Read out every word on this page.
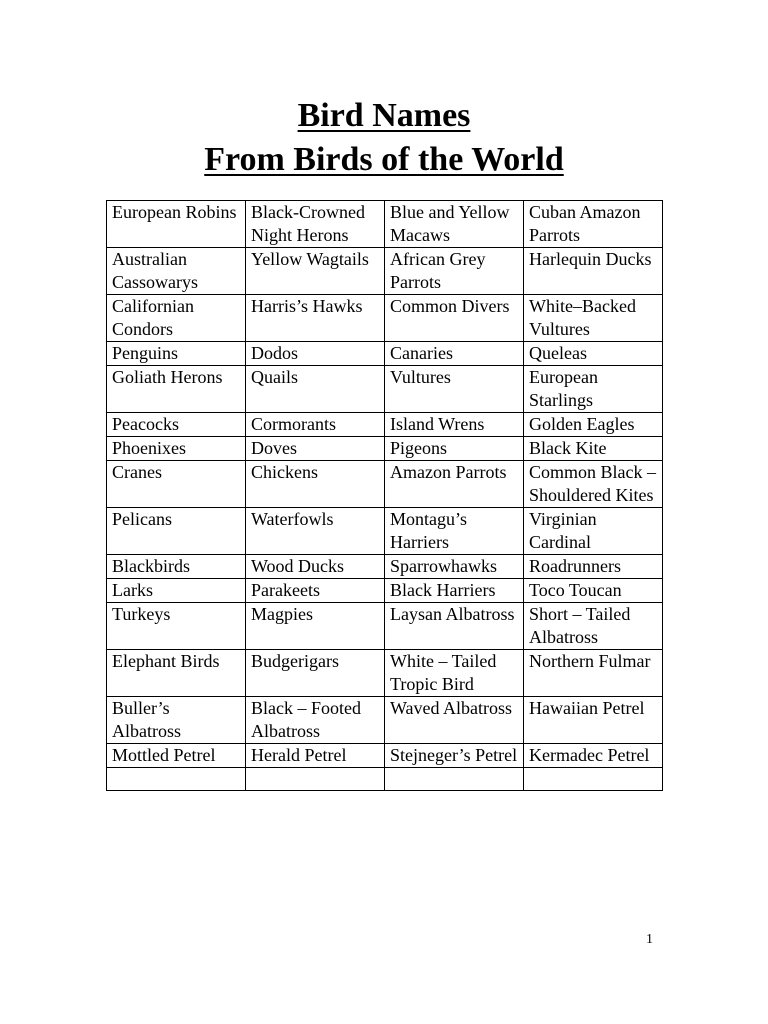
Bird Names

From Birds of the World

European Robins	Black-Crowned Night Herons	Blue and Yellow Macaws	Cuban Amazon Parrots
Australian Cassowarys	Yellow Wagtails	African Grey Parrots	Harlequin Ducks
Californian Condors	Harris’s Hawks	Common Divers	White–Backed Vultures
Penguins	Dodos	Canaries	Queleas
Goliath Herons	Quails	Vultures	European Starlings
Peacocks	Cormorants	Island Wrens	Golden Eagles
Phoenixes	Doves	Pigeons	Black Kite
Cranes	Chickens	Amazon Parrots	Common Black – Shouldered Kites
Pelicans	Waterfowls	Montagu’s Harriers	Virginian Cardinal
Blackbirds	Wood Ducks	Sparrowhawks	Roadrunners
Larks	Parakeets	Black Harriers	Toco Toucan
Turkeys	Magpies	Laysan Albatross	Short – Tailed Albatross
Elephant Birds	Budgerigars	White – Tailed Tropic Bird	Northern Fulmar
Buller’s Albatross	Black – Footed Albatross	Waved Albatross	Hawaiian Petrel
Mottled Petrel	Herald Petrel	Stejneger’s Petrel	Kermadec Petrel

1
